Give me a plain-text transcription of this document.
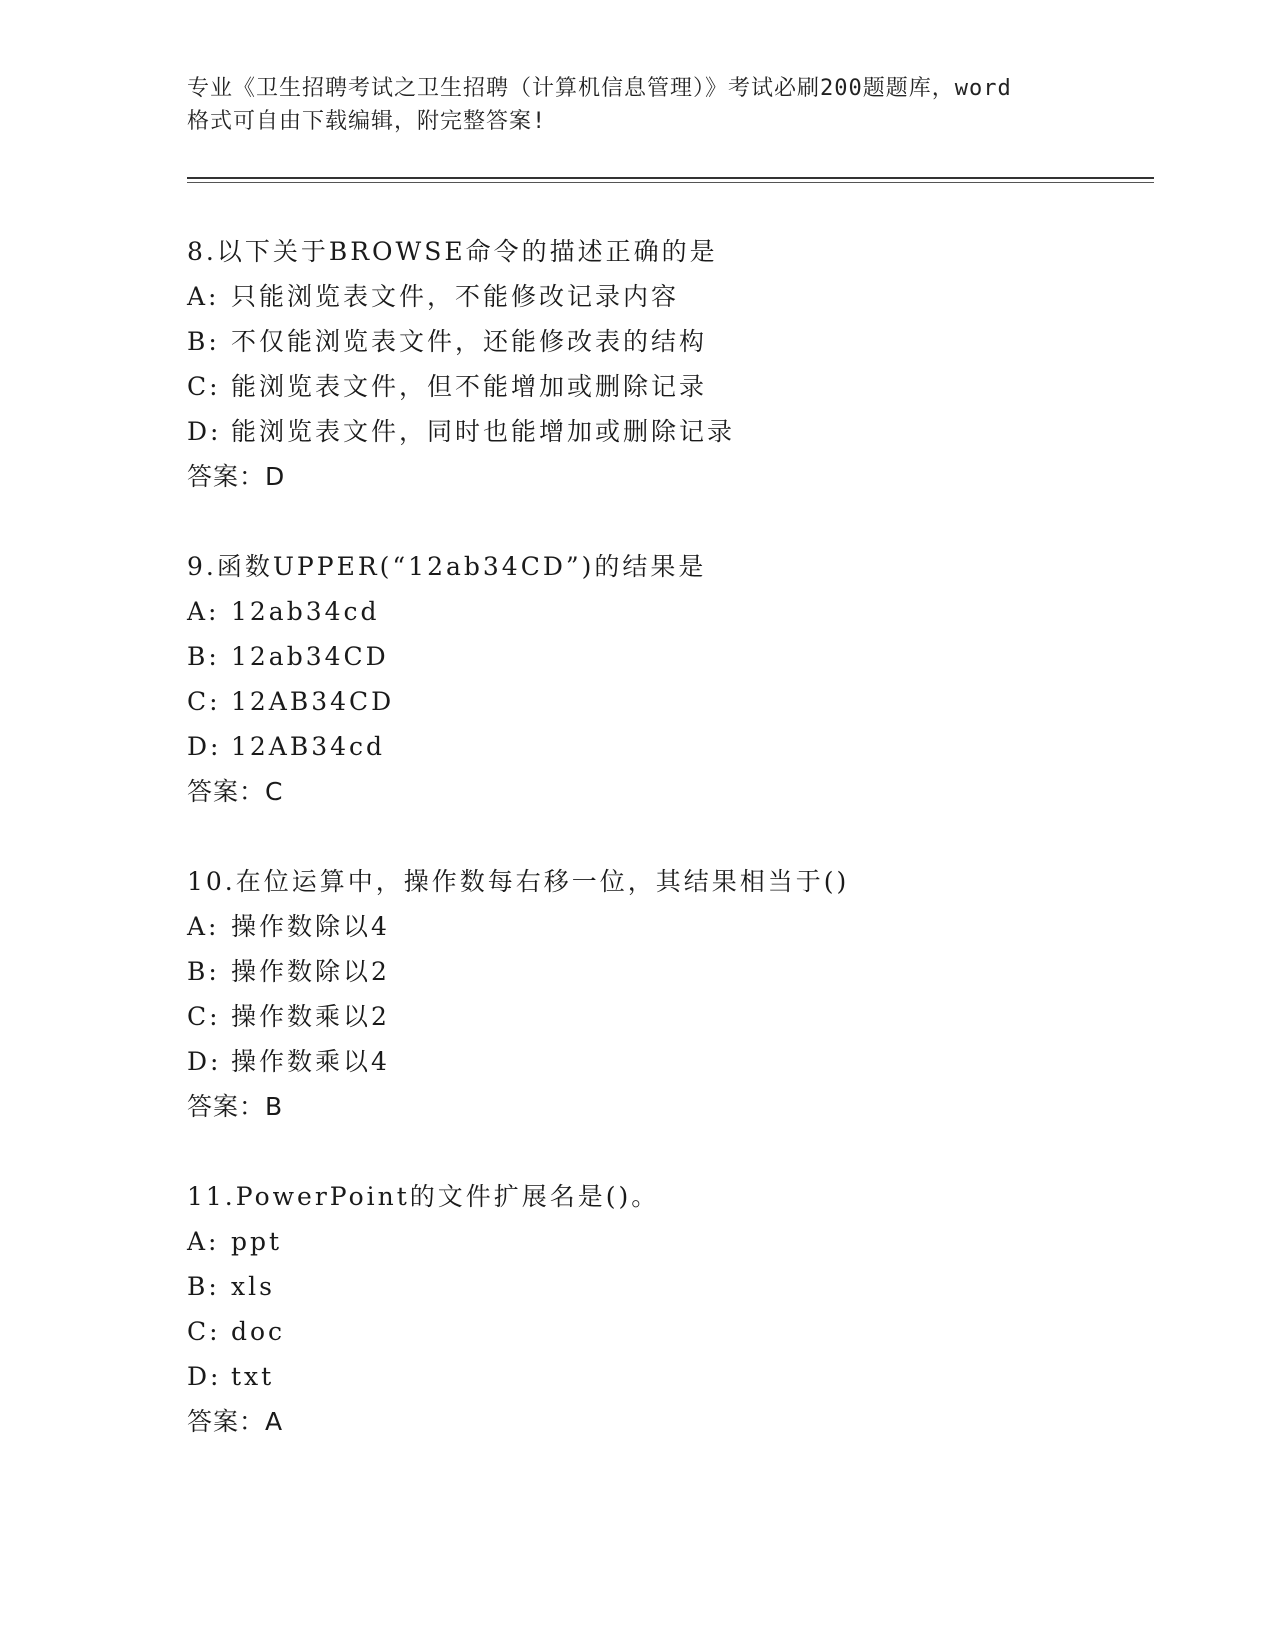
专业《卫生招聘考试之卫生招聘（计算机信息管理）》考试必刷200题题库，word
格式可自由下载编辑，附完整答案!
8.以下关于BROWSE命令的描述正确的是
A: 只能浏览表文件，不能修改记录内容
B: 不仅能浏览表文件，还能修改表的结构
C: 能浏览表文件，但不能增加或删除记录
D: 能浏览表文件，同时也能增加或删除记录
答案：D
9.函数UPPER(“12ab34CD”)的结果是
A: 12ab34cd
B: 12ab34CD
C: 12AB34CD
D: 12AB34cd
答案：C
10.在位运算中，操作数每右移一位，其结果相当于()
A: 操作数除以4
B: 操作数除以2
C: 操作数乘以2
D: 操作数乘以4
答案：B
11.PowerPoint的文件扩展名是()。
A: ppt
B: xls
C: doc
D: txt
答案：A
